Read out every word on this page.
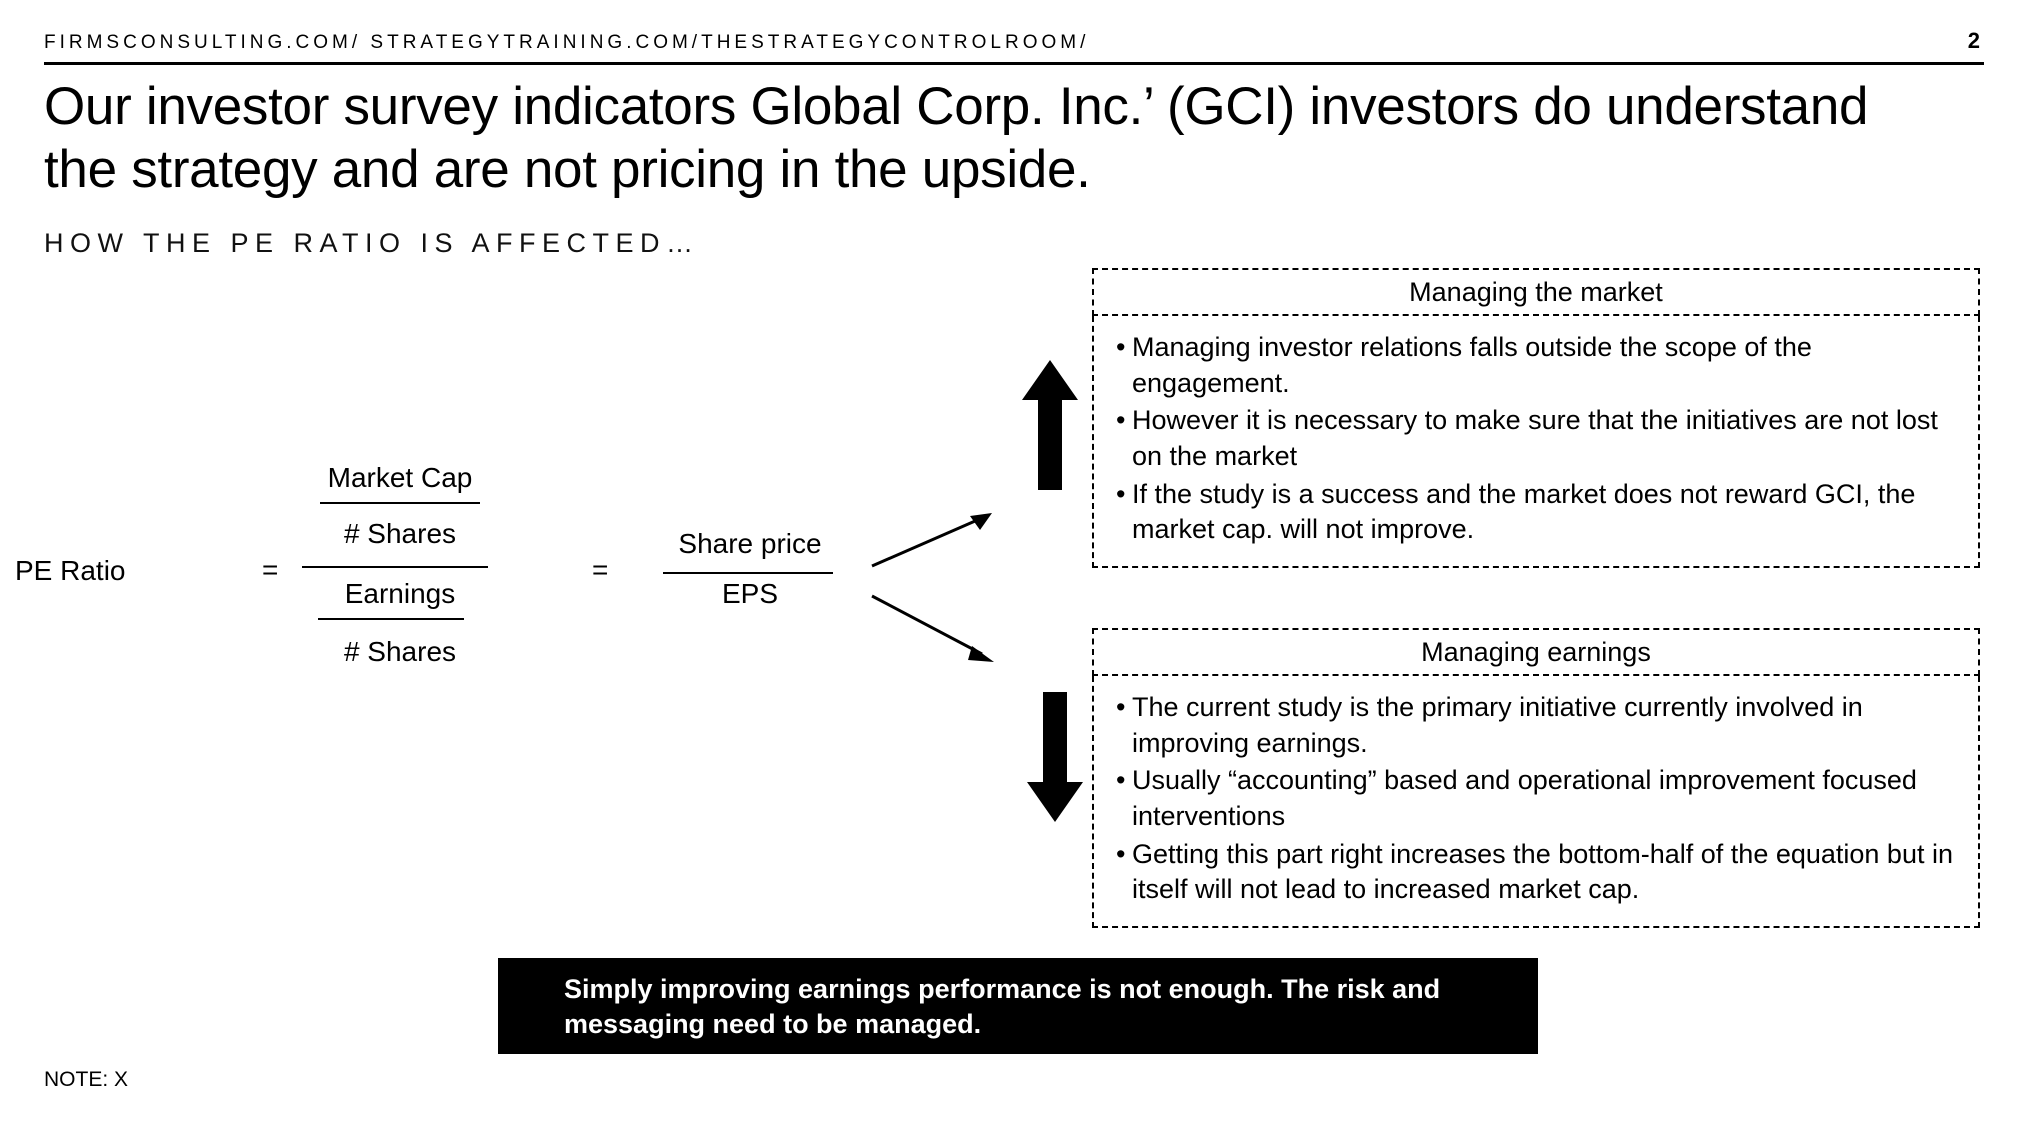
FIRMSCONSULTING.COM/ STRATEGYTRAINING.COM/THESTRATEGYCONTROLROOM/	2
Our investor survey indicators Global Corp. Inc.’ (GCI) investors do understand the strategy and are not pricing in the upside.
HOW THE PE RATIO IS AFFECTED…
PE Ratio	=
Market Cap
# Shares
Earnings
# Shares
=
Share price
EPS
Managing the market
• Managing investor relations falls outside the scope of the engagement.
• However it is necessary to make sure that the initiatives are not lost on the market
• If the study is a success and the market does not reward GCI, the market cap. will not improve.
Managing earnings
• The current study is the primary initiative currently involved in improving earnings.
• Usually “accounting” based and operational improvement focused interventions
• Getting this part right increases the bottom-half of the equation but in itself will not lead to increased market cap.
Simply improving earnings performance is not enough. The risk and messaging need to be managed.
NOTE: X
